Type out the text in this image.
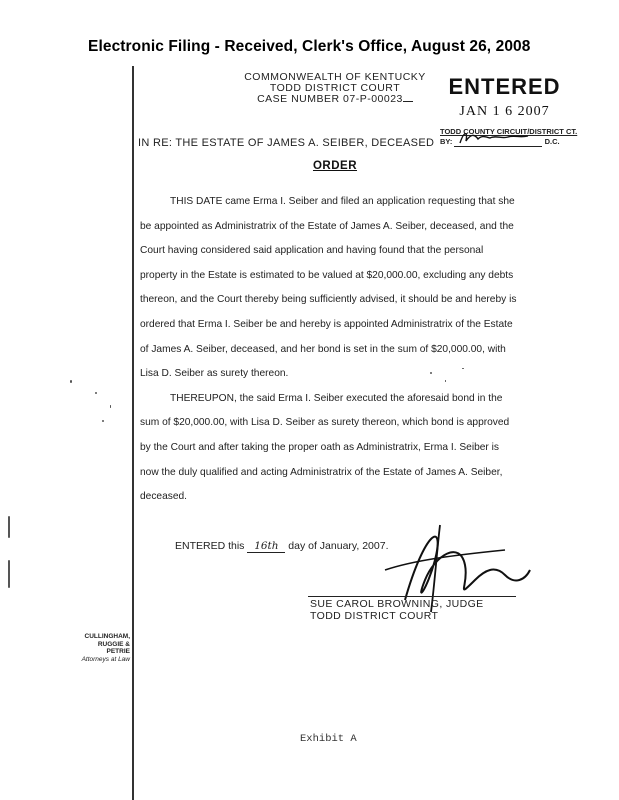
Electronic Filing - Received, Clerk's Office, August 26, 2008
COMMONWEALTH OF KENTUCKY
TODD DISTRICT COURT
CASE NUMBER 07-P-00023	ENTERED
JAN 1 6 2007
TODD COUNTY CIRCUIT/DISTRICT CT.
BY:	D.C.
IN RE: THE ESTATE OF JAMES A. SEIBER, DECEASED
ORDER

THIS DATE came Erma I. Seiber and filed an application requesting that she be appointed as Administratrix of the Estate of James A. Seiber, deceased, and the Court having considered said application and having found that the personal property in the Estate is estimated to be valued at $20,000.00, excluding any debts thereon, and the Court thereby being sufficiently advised, it should be and hereby is ordered that Erma I. Seiber be and hereby is appointed Administratrix of the Estate of James A. Seiber, deceased, and her bond is set in the sum of $20,000.00, with Lisa D. Seiber as surety thereon.

THEREUPON, the said Erma I. Seiber executed the aforesaid bond in the sum of $20,000.00, with Lisa D. Seiber as surety thereon, which bond is approved by the Court and after taking the proper oath as Administratrix, Erma I. Seiber is now the duly qualified and acting Administratrix of the Estate of James A. Seiber, deceased.

ENTERED this 16th day of January, 2007.
SUE CAROL BROWNING, JUDGE
TODD DISTRICT COURT
CULLINGHAM,
RUGGIE &
PETRIE
Attorneys at Law
Exhibit A
